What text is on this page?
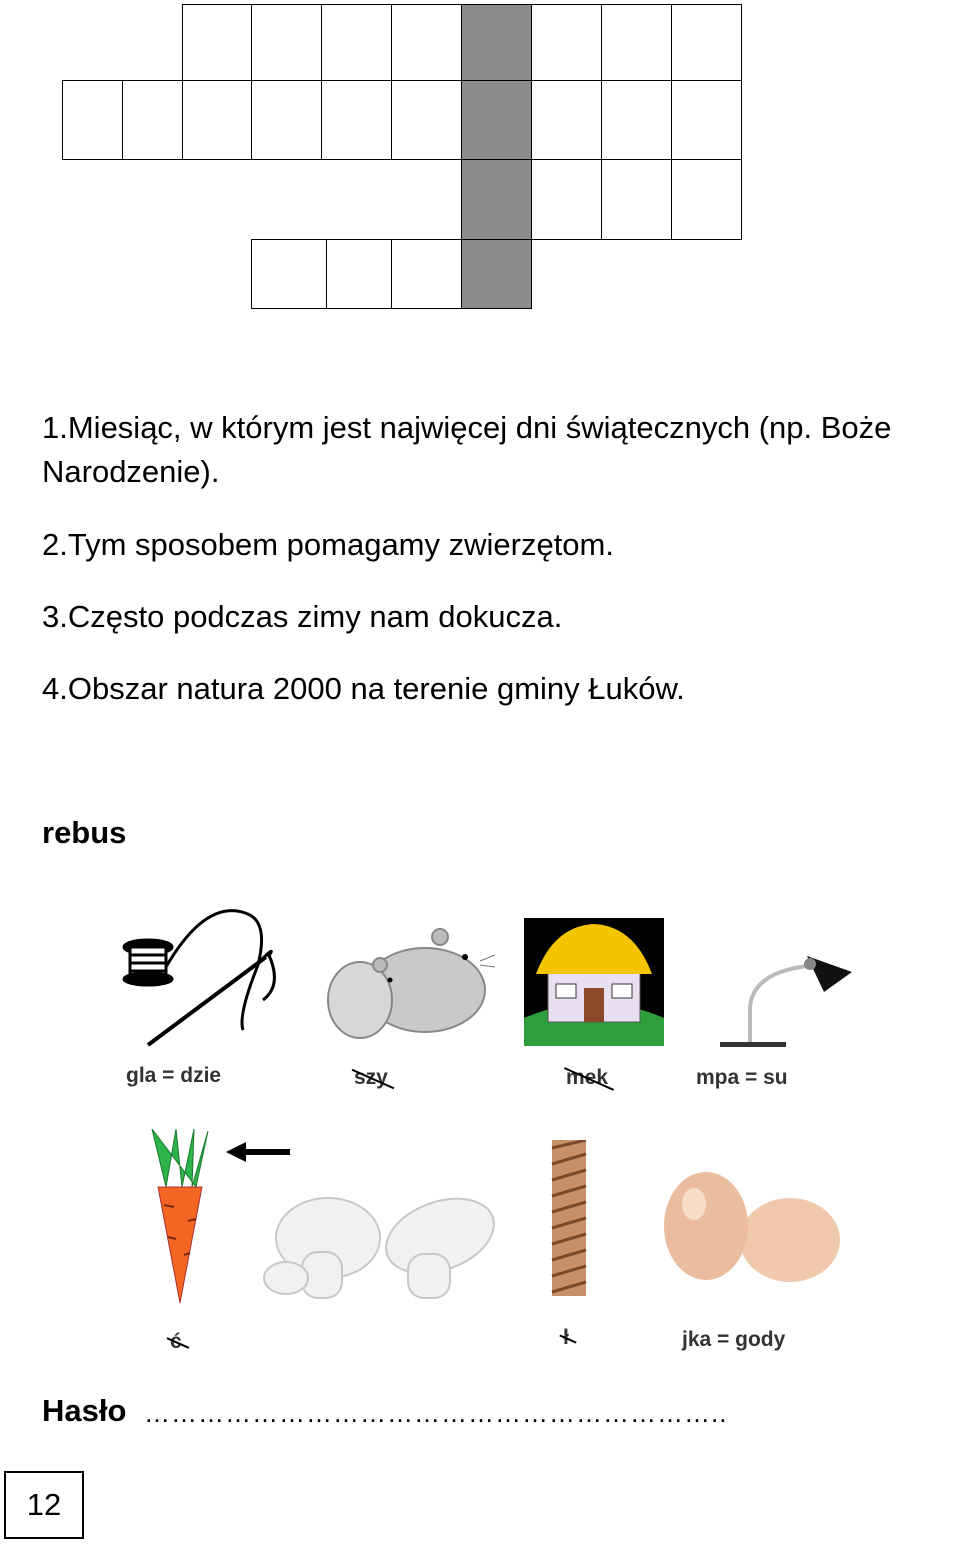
1.Miesiąc, w którym jest najwięcej dni świątecznych (np. Boże
Narodzenie).
2.Tym sposobem pomagamy zwierzętom.
3.Często podczas zimy nam dokucza.
4.Obszar natura 2000 na terenie gminy Łuków.
rebus
gla = dzie	szy	mek	mpa = su
ć	ł	jka = gody
Hasło ………………………………………………………..
12
